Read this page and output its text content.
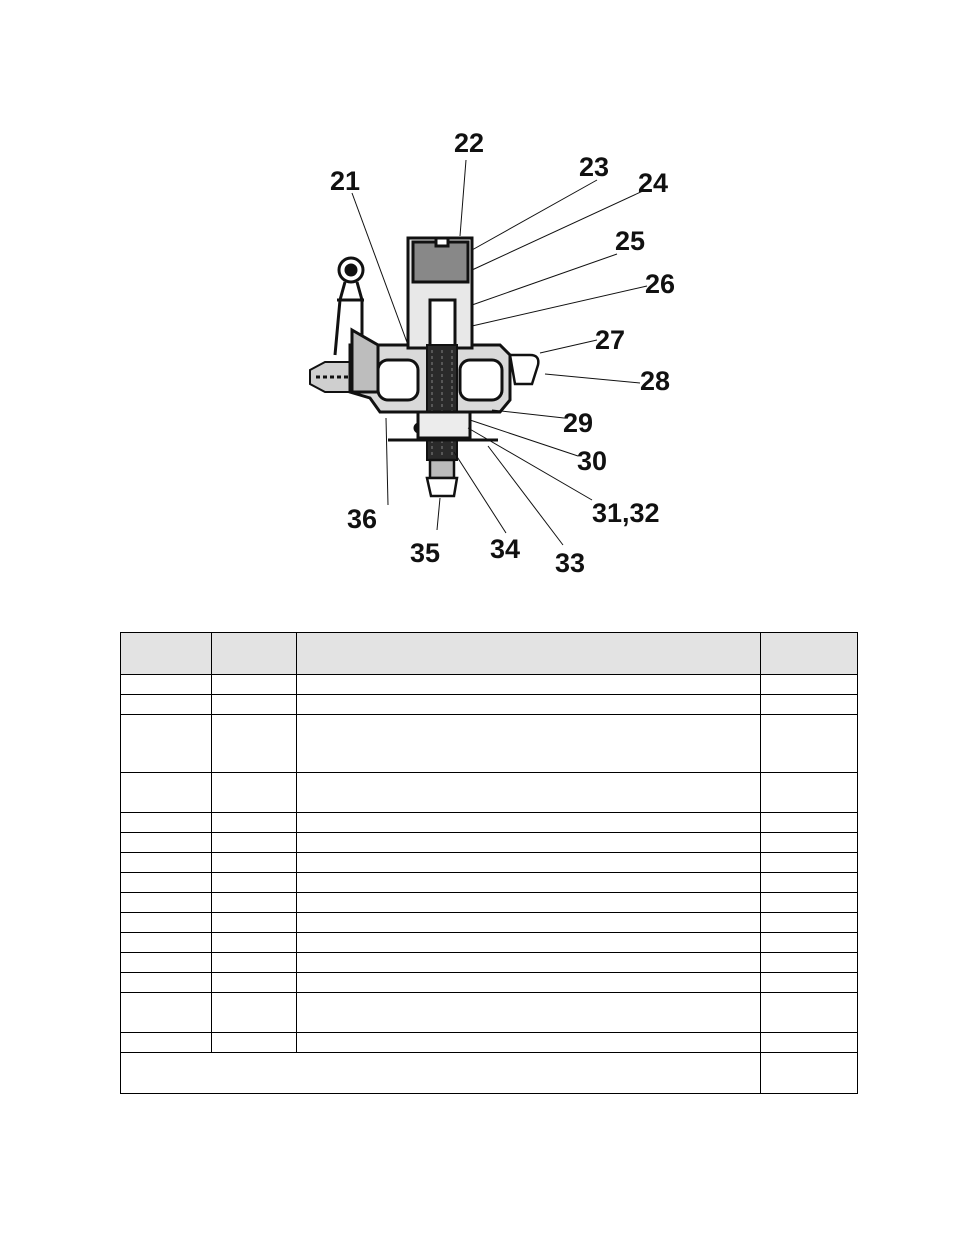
22
21	23
24
25
26
27
28
29
30
31,32
36
35 34 33
